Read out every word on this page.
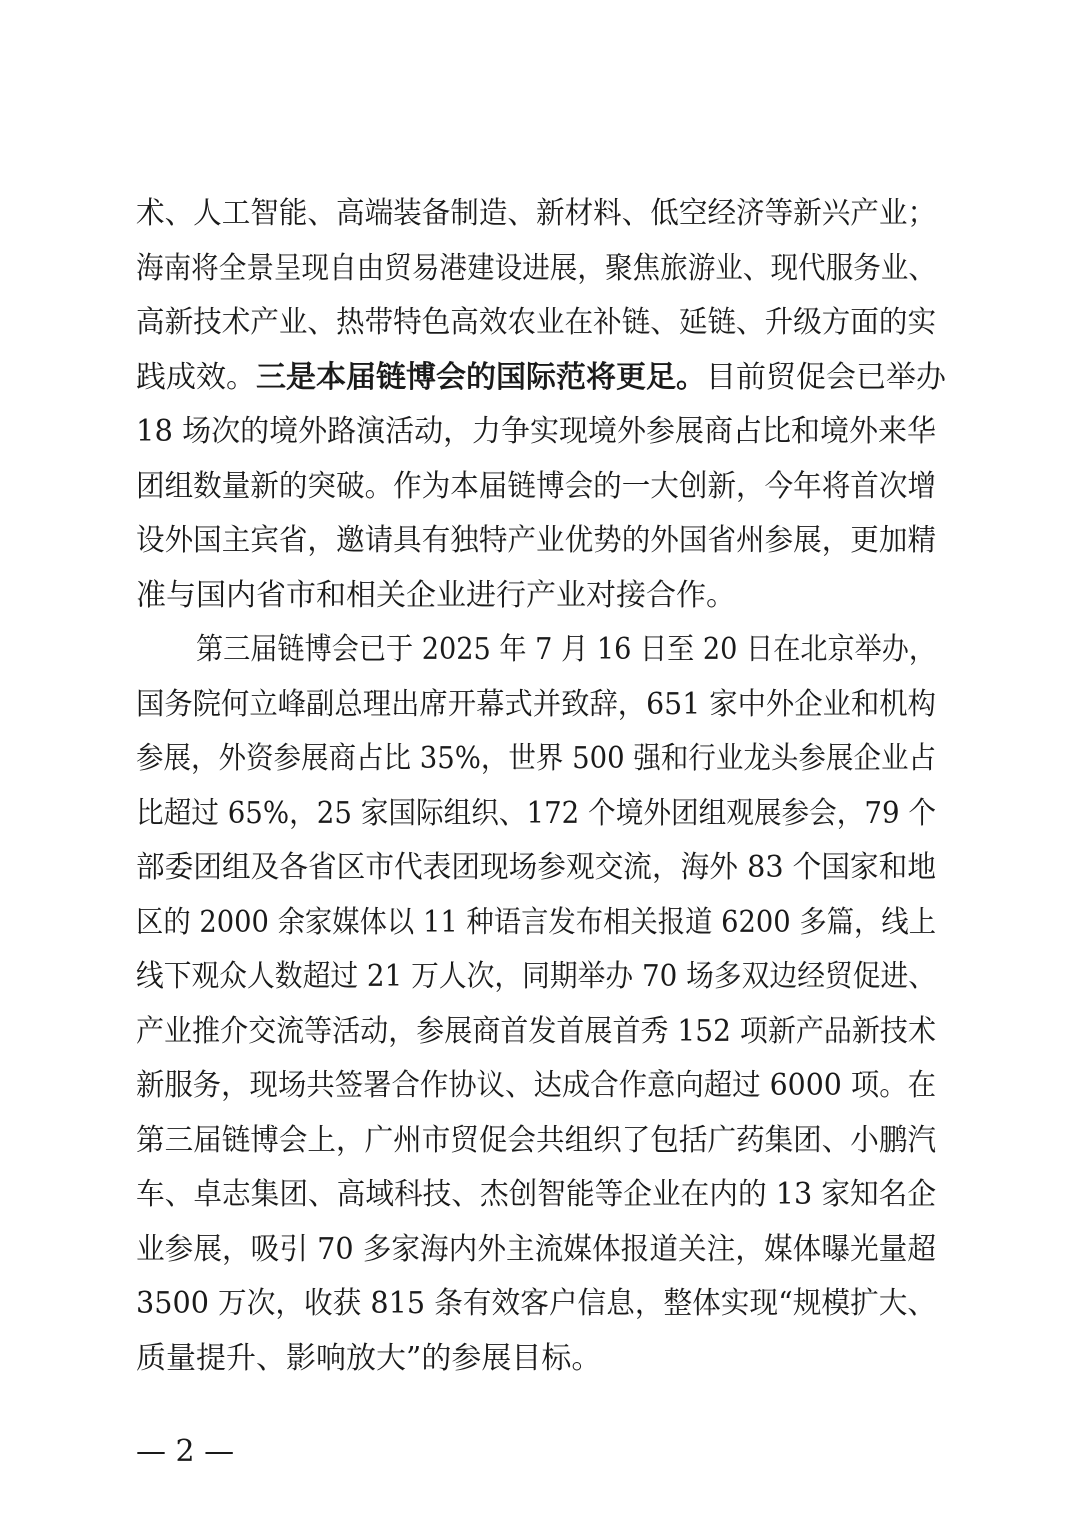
术、人工智能、高端装备制造、新材料、低空经济等新兴产业；
海南将全景呈现自由贸易港建设进展，聚焦旅游业、现代服务业、
高新技术产业、热带特色高效农业在补链、延链、升级方面的实
践成效。 三是本届链博会的国际范将更足。 目前贸促会已举办
18 场次的境外路演活动，力争实现境外参展商占比和境外来华
团组数量新的突破。作为本届链博会的一大创新，今年将首次增
设外国主宾省，邀请具有独特产业优势的外国省州参展，更加精
准与国内省市和相关企业进行产业对接合作。
第三届链博会已于 2025 年 7 月 16 日至 20 日在北京举办，
国务院何立峰副总理出席开幕式并致辞，651 家中外企业和机构
参展，外资参展商占比 35%，世界 500 强和行业龙头参展企业占
比超过 65%，25 家国际组织、172 个境外团组观展参会，79 个
部委团组及各省区市代表团现场参观交流，海外 83 个国家和地
区的 2000 余家媒体以 11 种语言发布相关报道 6200 多篇，线上
线下观众人数超过 21 万人次，同期举办 70 场多双边经贸促进、
产业推介交流等活动，参展商首发首展首秀 152 项新产品新技术
新服务，现场共签署合作协议、达成合作意向超过 6000 项。在
第三届链博会上，广州市贸促会共组织了包括广药集团、小鹏汽
车、卓志集团、高域科技、杰创智能等企业在内的 13 家知名企
业参展，吸引 70 多家海内外主流媒体报道关注，媒体曝光量超
3500 万次，收获 815 条有效客户信息，整体实现“规模扩大、
质量提升、影响放大”的参展目标。
— 2 —
